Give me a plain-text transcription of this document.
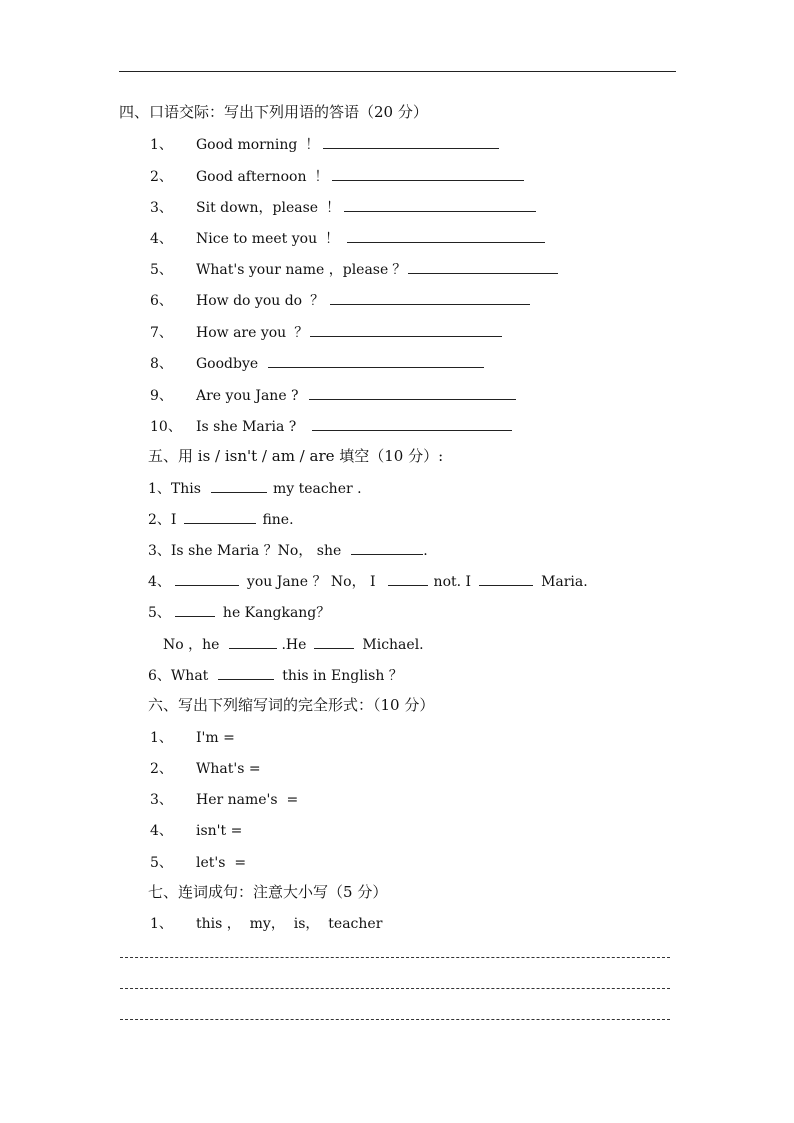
四、口语交际：写出下列用语的答语（20 分）
1、 Good morning ！
2、 Good afternoon ！
3、 Sit down，please ！
4、 Nice to meet you ！
5、 What's your name ，please ？
6、 How do you do ？
7、 How are you ？
8、 Goodbye
9、 Are you Jane ?
10、 Is she Maria ?
五、用 is / isn't / am / are 填空（10 分）:
1、This	my teacher .
2、I	fine.
3、Is she Maria ？No， she	.
4、	you Jane ？ No， I	not. I	Maria.
5、	he Kangkang？
No ，he	.He	Michael.
6、What	this in English ？
六、写出下列缩写词的完全形式：（10 分）
1、 I'm =
2、 What's =
3、 Her name's  =
4、 isn't =
5、 let's  =
七、连词成句：注意大小写（5 分）
1、 this ，  my，  is，  teacher
